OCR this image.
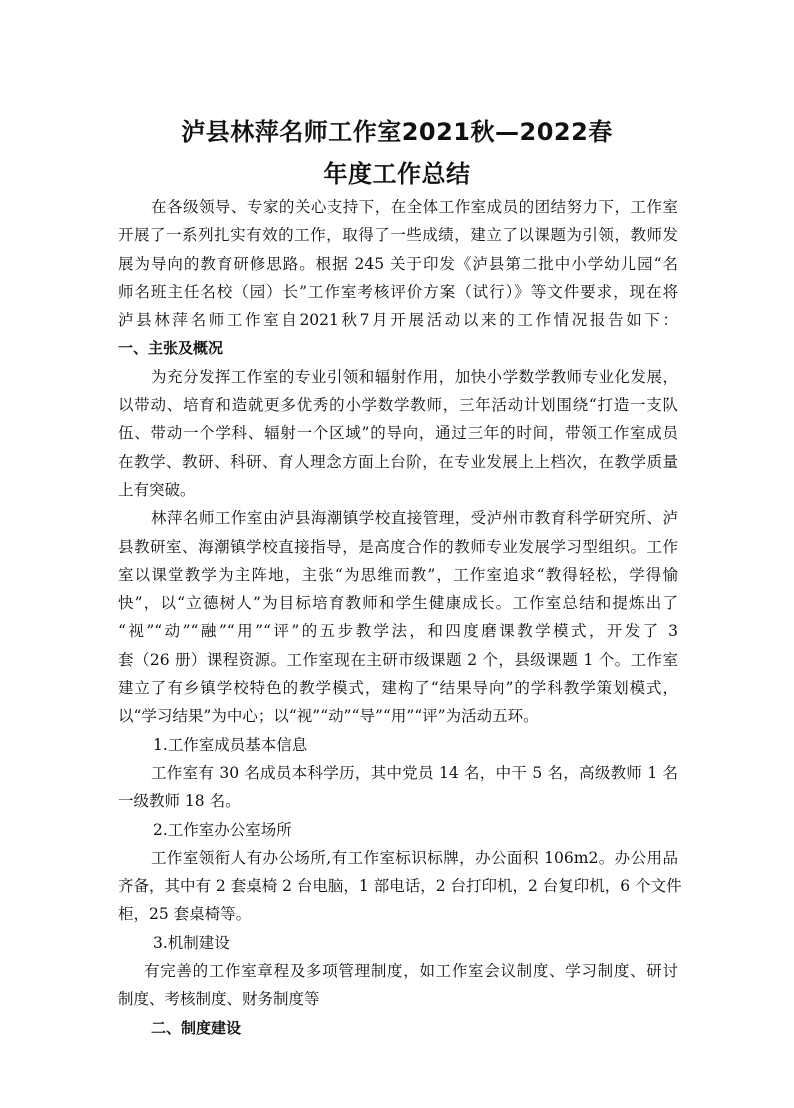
泸县林萍名师工作室2021秋—2022春
年度工作总结
在各级领导、专家的关心支持下，在全体工作室成员的团结努力下，工作室
开展了一系列扎实有效的工作，取得了一些成绩，建立了以课题为引领，教师发
展为导向的教育研修思路。根据 245 关于印发《泸县第二批中小学幼儿园“名
师名班主任名校（园）长”工作室考核评价方案（试行）》等文件要求，现在将
泸县林萍名师工作室自2021秋7月开展活动以来的工作情况报告如下：
一、主张及概况
为充分发挥工作室的专业引领和辐射作用，加快小学数学教师专业化发展，
以带动、培育和造就更多优秀的小学数学教师，三年活动计划围绕“打造一支队
伍、带动一个学科、辐射一个区域”的导向，通过三年的时间，带领工作室成员
在教学、教研、科研、育人理念方面上台阶，在专业发展上上档次，在教学质量
上有突破。
林萍名师工作室由泸县海潮镇学校直接管理，受泸州市教育科学研究所、泸
县教研室、海潮镇学校直接指导，是高度合作的教师专业发展学习型组织。工作
室以课堂教学为主阵地，主张“为思维而教”，工作室追求“教得轻松，学得愉
快”，以“立德树人”为目标培育教师和学生健康成长。工作室总结和提炼出了
“视”“动”“融”“用”“评”的五步教学法，和四度磨课教学模式，开发了 3
套（26 册）课程资源。工作室现在主研市级课题 2 个，县级课题 1 个。工作室
建立了有乡镇学校特色的教学模式，建构了“结果导向”的学科教学策划模式，
以“学习结果”为中心；以“视”“动”“导”“用”“评”为活动五环。
1.工作室成员基本信息
工作室有 30 名成员本科学历，其中党员 14 名，中干 5 名，高级教师 1 名
一级教师 18 名。
2.工作室办公室场所
工作室领衔人有办公场所,有工作室标识标牌，办公面积 106m2。办公用品
齐备，其中有 2 套桌椅 2 台电脑，1 部电话，2 台打印机，2 台复印机，6 个文件
柜，25 套桌椅等。
3.机制建设
有完善的工作室章程及多项管理制度，如工作室会议制度、学习制度、研讨
制度、考核制度、财务制度等
二、制度建设
